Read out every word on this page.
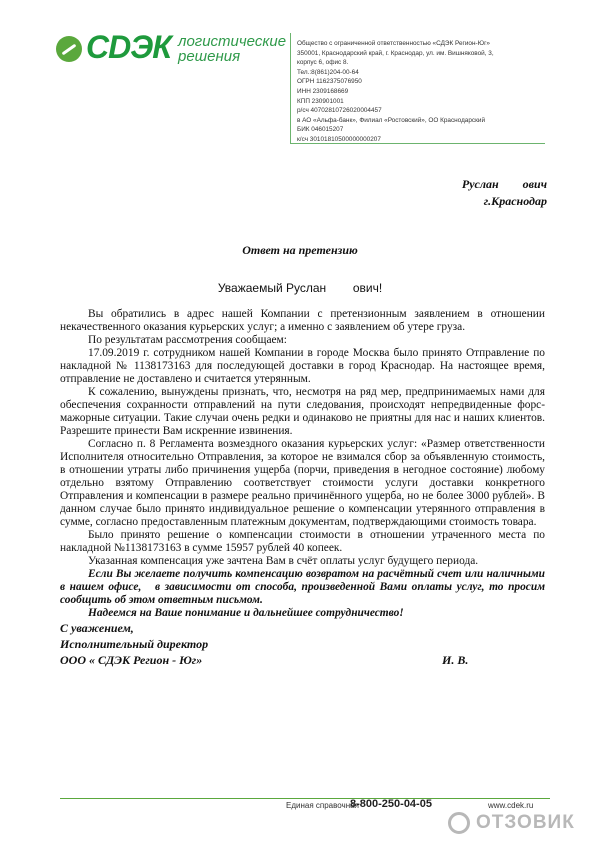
СDЭК логистические
решения
Общество с ограниченной ответственностью «СДЭК Регион-Юг»
350001, Краснодарский край, г. Краснодар, ул. им. Вишняковой, 3,
корпус 6, офис 8.
Тел.:8(861)204-00-64
ОГРН 1162375076950
ИНН 2309168669
КПП 230901001
р/сч 40702810726020004457
в АО «Альфа-банк», Филиал «Ростовский», ОО Краснодарский
БИК 046015207
к/сч 30101810500000000207
Руслан        ович
г.Краснодар
Ответ на претензию
Уважаемый Руслан        ович!

Вы обратились в адрес нашей Компании с претензионным заявлением в отношении некачественного оказания курьерских услуг; а именно с заявлением об утере груза.

По результатам рассмотрения сообщаем:

17.09.2019 г. сотрудником нашей Компании в городе Москва было принято Отправление по накладной № 1138173163 для последующей доставки в город Краснодар. На настоящее время, отправление не доставлено и считается утерянным.

К сожалению, вынуждены признать, что, несмотря на ряд мер, предпринимаемых нами для обеспечения сохранности отправлений на пути следования, происходят непредвиденные форс-мажорные ситуации. Такие случаи очень редки и одинаково не приятны для нас и наших клиентов. Разрешите принести Вам искренние извинения.

Согласно п. 8 Регламента возмездного оказания курьерских услуг: «Размер ответственности Исполнителя относительно Отправления, за которое не взимался сбор за объявленную стоимость, в отношении утраты либо причинения ущерба (порчи, приведения в негодное состояние) любому отдельно взятому Отправлению соответствует стоимости услуги доставки конкретного Отправления и компенсации в размере реально причинённого ущерба, но не более 3000 рублей». В данном случае было принято индивидуальное решение о компенсации утерянного отправления в сумме, согласно предоставленным платежным документам, подтверждающими стоимость товара.

Было принято решение о компенсации стоимости в отношении утраченного места по накладной №1138173163 в сумме 15957 рублей 40 копеек.

Указанная компенсация уже зачтена Вам в счёт оплаты услуг будущего периода.

Если Вы желаете получить компенсацию возвратом на расчётный счет или наличными в нашем офисе,   в зависимости от способа, произведенной Вами оплаты услуг, то просим сообщить об этом ответным письмом.

Надеемся на Ваше понимание и дальнейшее сотрудничество!

С уважением,
Исполнительный директор
ООО « СДЭК Регион - Юг»	И. В.
Единая справочная
8-800-250-04-05	www.cdek.ru
ОТЗОВИК
